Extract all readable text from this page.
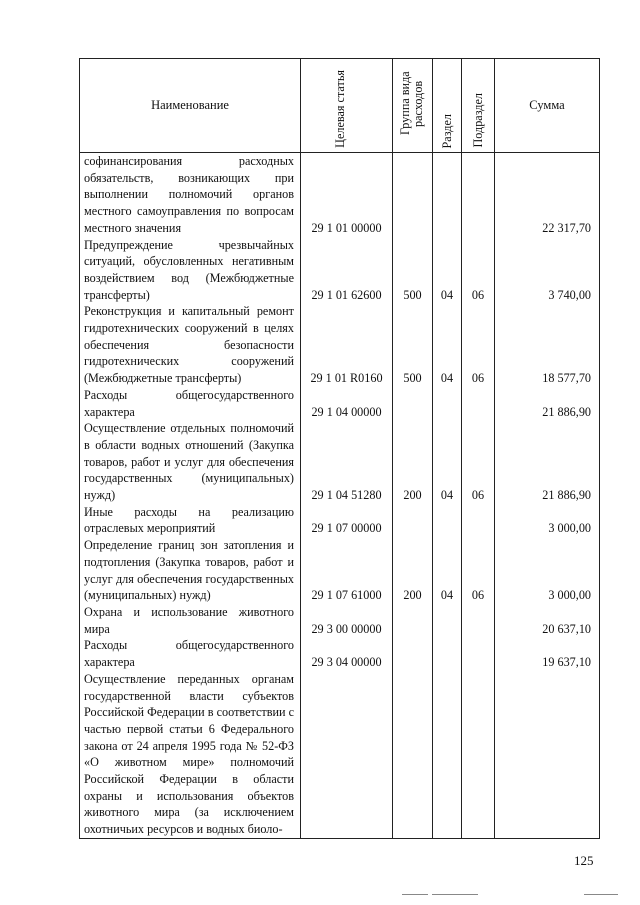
Наименование	Целевая статья	Группа вида расходов	Раздел	Подраздел	Сумма
софинансирования расходных обязательств, возникающих при выполнении полномочий органов местного самоуправления по вопросам местного значения	29 1 01 00000				22 317,70
Предупреждение чрезвычайных ситуаций, обусловленных негативным воздействием вод (Межбюджетные трансферты)	29 1 01 62600	500	04	06	3 740,00
Реконструкция и капитальный ремонт гидротехнических сооружений в целях обеспечения безопасности гидротехнических сооружений (Межбюджетные трансферты)	29 1 01 R0160	500	04	06	18 577,70
Расходы общегосударственного характера	29 1 04 00000				21 886,90
Осуществление отдельных полномочий в области водных отношений (Закупка товаров, работ и услуг для обеспечения государственных (муниципальных) нужд)	29 1 04 51280	200	04	06	21 886,90
Иные расходы на реализацию отраслевых мероприятий	29 1 07 00000				3 000,00
Определение границ зон затопления и подтопления (Закупка товаров, работ и услуг для обеспечения государственных (муниципальных) нужд)	29 1 07 61000	200	04	06	3 000,00
Охрана и использование животного мира	29 3 00 00000				20 637,10
Расходы общегосударственного характера	29 3 04 00000				19 637,10
Осуществление переданных органам государственной власти субъектов Российской Федерации в соответствии с частью первой статьи 6 Федерального закона от 24 апреля 1995 года № 52-ФЗ «О животном мире» полномочий Российской Федерации в области охраны и использования объектов животного мира (за исключением охотничьих ресурсов и водных биоло-					
125
